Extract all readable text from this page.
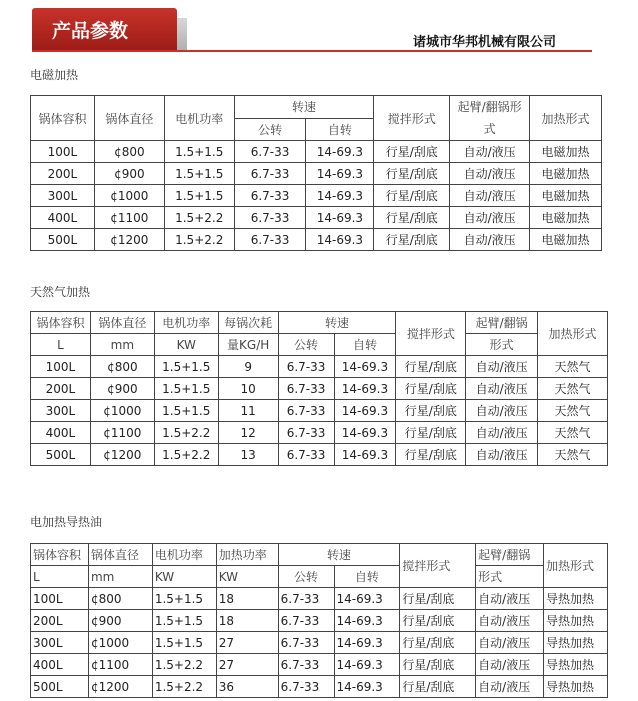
产品参数
诸城市华邦机械有限公司
电磁加热
锅体容积	锅体直径	电机功率	转速		搅拌形式	起臂/翻锅形式	加热形式
			公转	自转			
100L	¢800	1.5+1.5	6.7-33	14-69.3	行星/刮底	自动/液压	电磁加热
200L	¢900	1.5+1.5	6.7-33	14-69.3	行星/刮底	自动/液压	电磁加热
300L	¢1000	1.5+1.5	6.7-33	14-69.3	行星/刮底	自动/液压	电磁加热
400L	¢1100	1.5+2.2	6.7-33	14-69.3	行星/刮底	自动/液压	电磁加热
500L	¢1200	1.5+2.2	6.7-33	14-69.3	行星/刮底	自动/液压	电磁加热
天然气加热
锅体容积	锅体直径	电机功率	每锅次耗	转速		搅拌形式	起臂/翻锅	加热形式
L	mm	KW	量KG/H	公转	自转		形式	
100L	¢800	1.5+1.5	9	6.7-33	14-69.3	行星/刮底	自动/液压	天然气
200L	¢900	1.5+1.5	10	6.7-33	14-69.3	行星/刮底	自动/液压	天然气
300L	¢1000	1.5+1.5	11	6.7-33	14-69.3	行星/刮底	自动/液压	天然气
400L	¢1100	1.5+2.2	12	6.7-33	14-69.3	行星/刮底	自动/液压	天然气
500L	¢1200	1.5+2.2	13	6.7-33	14-69.3	行星/刮底	自动/液压	天然气
电加热导热油
锅体容积	锅体直径	电机功率	加热功率	转速		搅拌形式	起臂/翻锅	加热形式
L	mm	KW	KW	公转	自转		形式	
100L	¢800	1.5+1.5	18	6.7-33	14-69.3	行星/刮底	自动/液压	导热加热
200L	¢900	1.5+1.5	18	6.7-33	14-69.3	行星/刮底	自动/液压	导热加热
300L	¢1000	1.5+1.5	27	6.7-33	14-69.3	行星/刮底	自动/液压	导热加热
400L	¢1100	1.5+2.2	27	6.7-33	14-69.3	行星/刮底	自动/液压	导热加热
500L	¢1200	1.5+2.2	36	6.7-33	14-69.3	行星/刮底	自动/液压	导热加热
